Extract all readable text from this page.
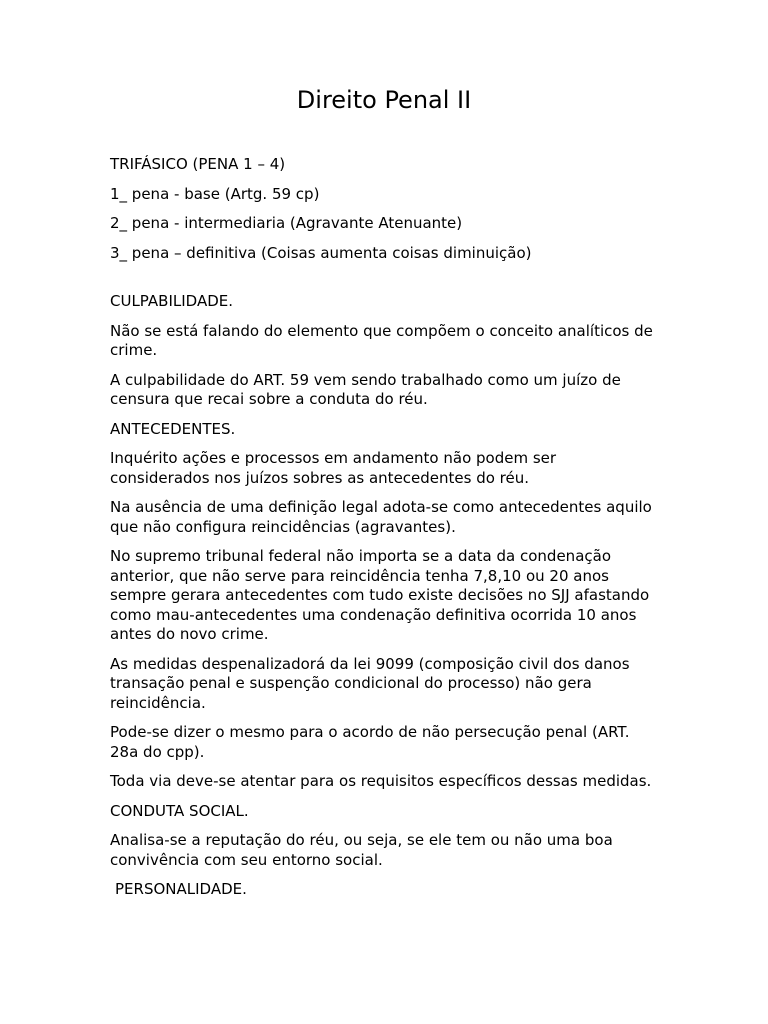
Direito Penal II

TRIFÁSICO (PENA 1 – 4)

1_ pena - base (Artg. 59 cp)

2_ pena - intermediaria (Agravante Atenuante)

3_ pena – definitiva (Coisas aumenta coisas diminuição)

CULPABILIDADE.

Não se está falando do elemento que compõem o conceito analíticos de crime.

A culpabilidade do ART. 59 vem sendo trabalhado como um juízo de censura que recai sobre a conduta do réu.

ANTECEDENTES.

Inquérito ações e processos em andamento não podem ser considerados nos juízos sobres as antecedentes do réu.

Na ausência de uma definição legal adota-se como antecedentes aquilo que não configura reincidências (agravantes).

No supremo tribunal federal não importa se a data da condenação anterior, que não serve para reincidência tenha 7,8,10 ou 20 anos sempre gerara antecedentes com tudo existe decisões no SJJ afastando como mau-antecedentes uma condenação definitiva ocorrida 10 anos antes do novo crime.

As medidas despenalizadorá da lei 9099 (composição civil dos danos transação penal e suspenção condicional do processo) não gera reincidência.

Pode-se dizer o mesmo para o acordo de não persecução penal (ART. 28a do cpp).

Toda via deve-se atentar para os requisitos específicos dessas medidas.

CONDUTA SOCIAL.

Analisa-se a reputação do réu, ou seja, se ele tem ou não uma boa convivência com seu entorno social.

PERSONALIDADE.
